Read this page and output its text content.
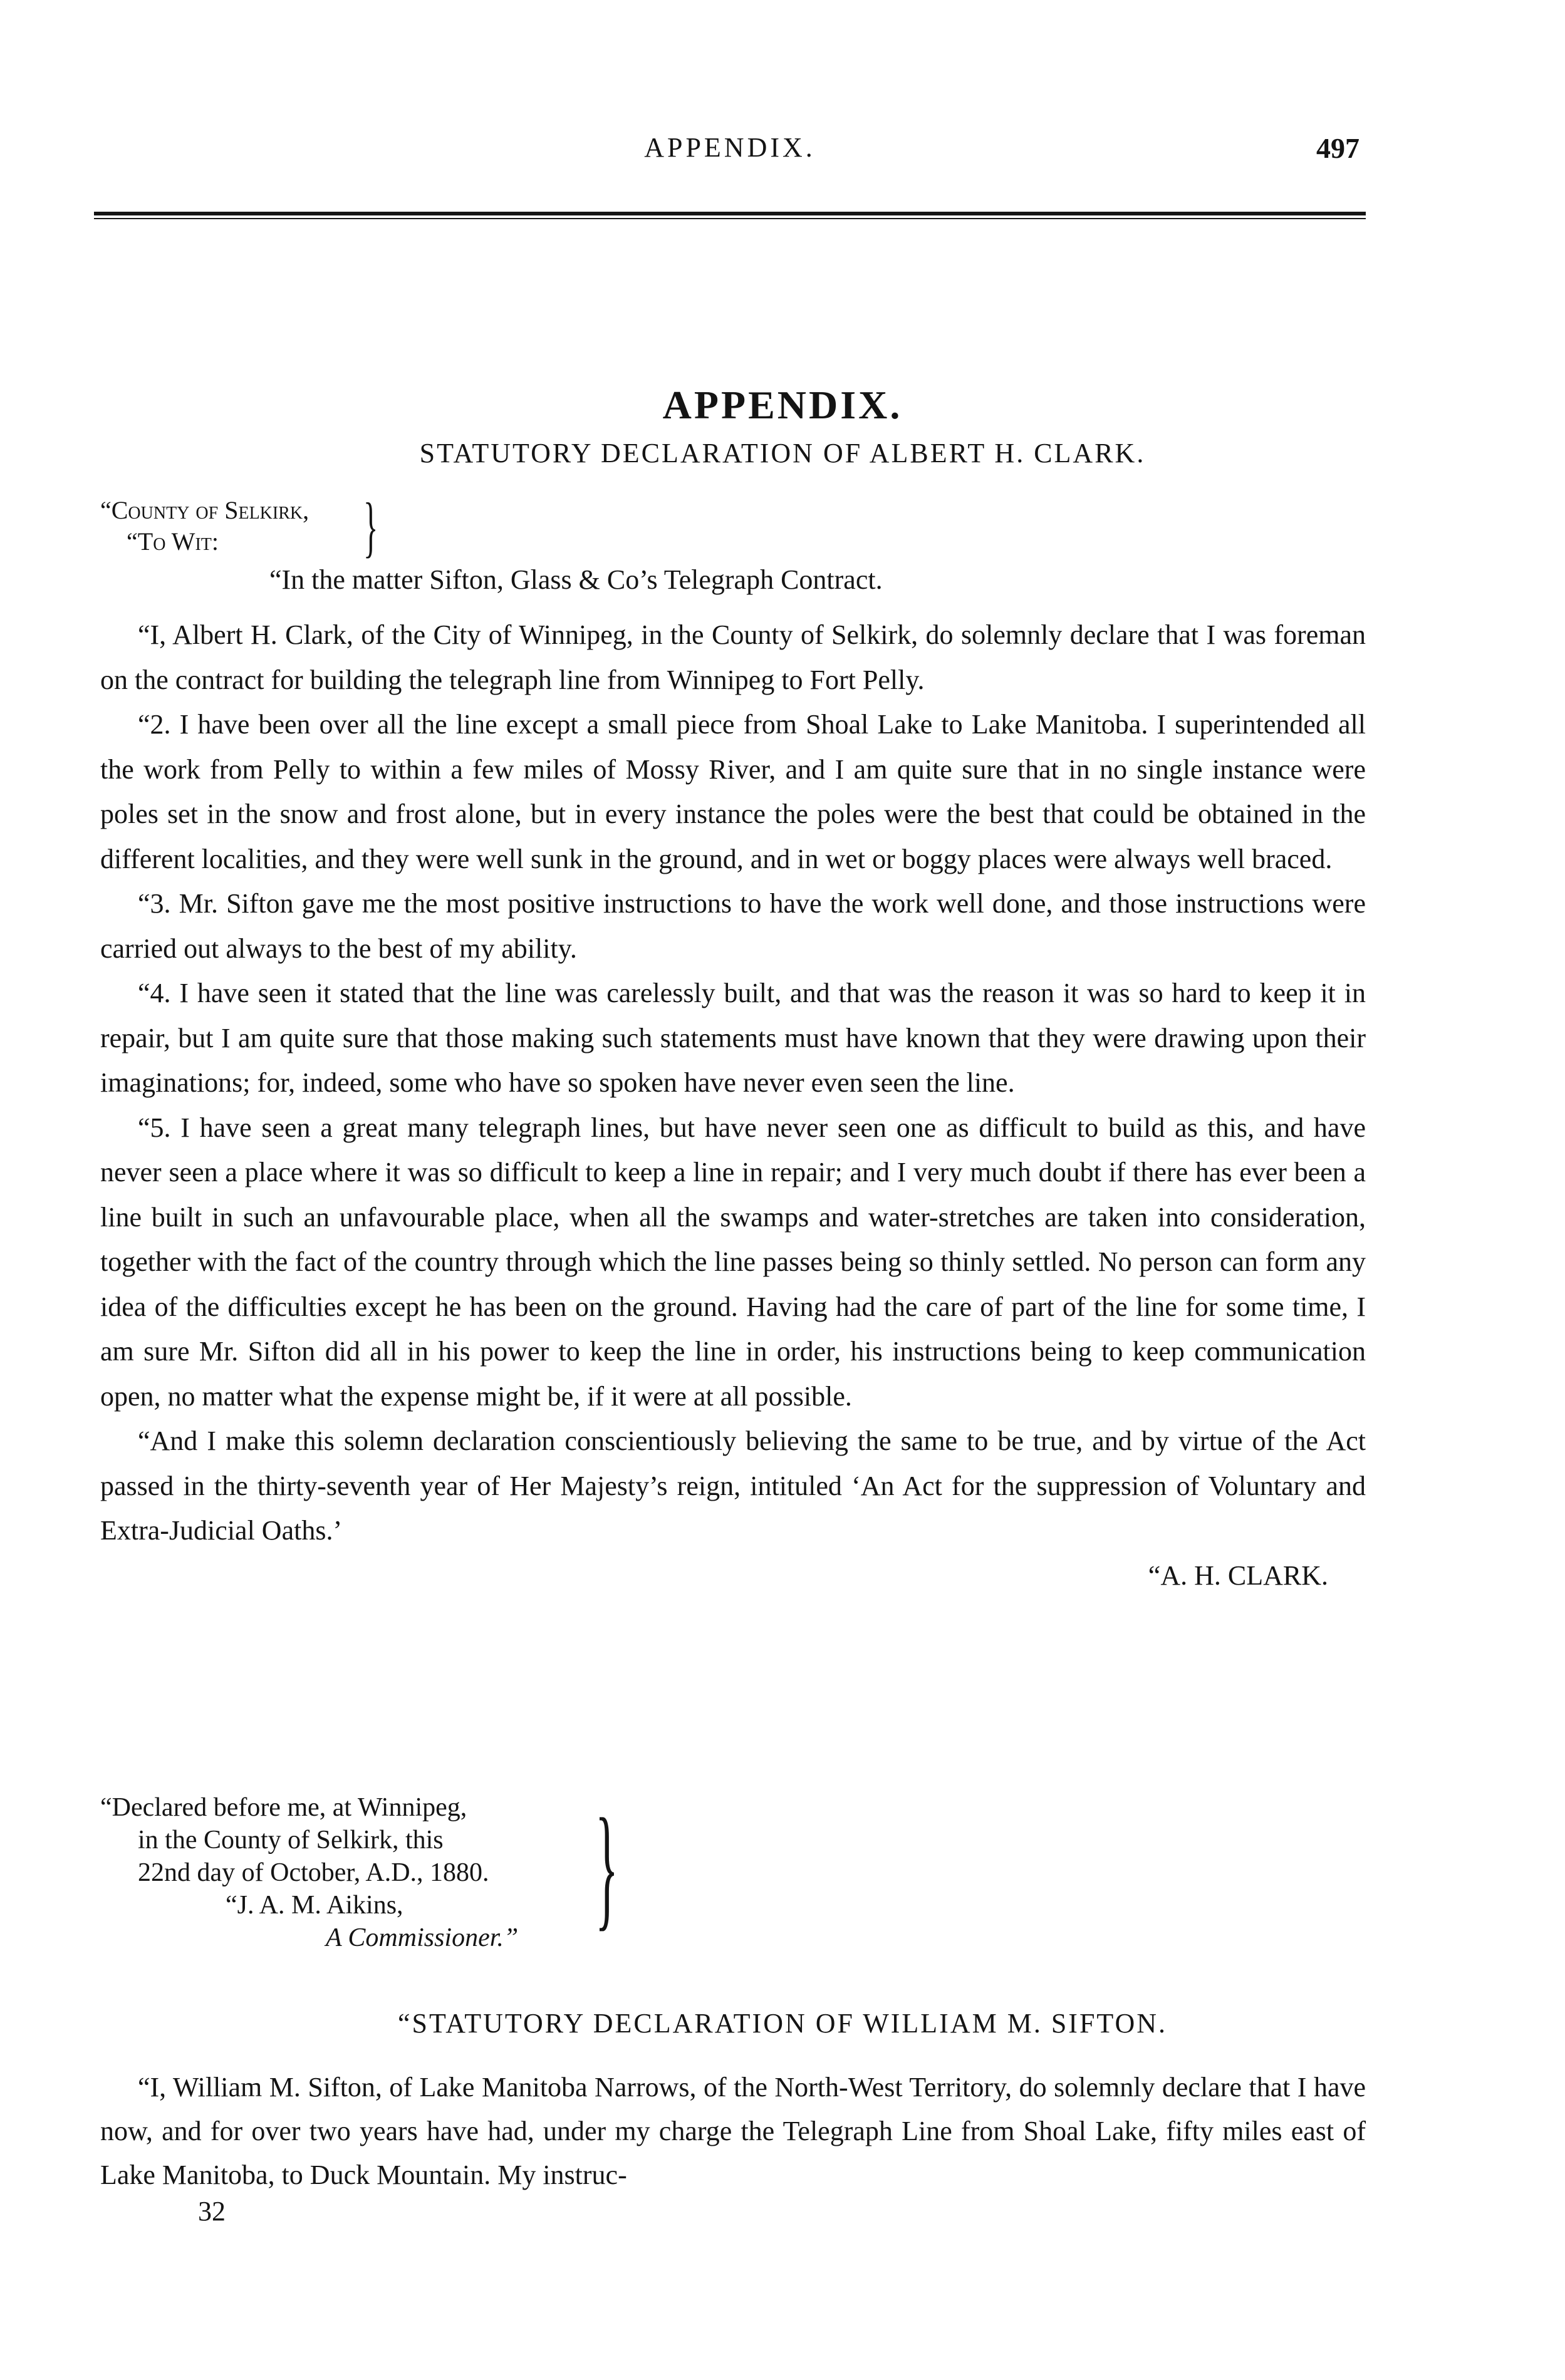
APPENDIX.	497
APPENDIX.
STATUTORY DECLARATION OF ALBERT H. CLARK.
“County of Selkirk,
“To Wit:	}
“In the matter Sifton, Glass & Co’s Telegraph Contract.

“I, Albert H. Clark, of the City of Winnipeg, in the County of Selkirk, do solemnly declare that I was foreman on the contract for building the telegraph line from Winnipeg to Fort Pelly.

“2. I have been over all the line except a small piece from Shoal Lake to Lake Manitoba. I superintended all the work from Pelly to within a few miles of Mossy River, and I am quite sure that in no single instance were poles set in the snow and frost alone, but in every instance the poles were the best that could be obtained in the different localities, and they were well sunk in the ground, and in wet or boggy places were always well braced.

“3. Mr. Sifton gave me the most positive instructions to have the work well done, and those instructions were carried out always to the best of my ability.

“4. I have seen it stated that the line was carelessly built, and that was the reason it was so hard to keep it in repair, but I am quite sure that those making such statements must have known that they were drawing upon their imaginations; for, indeed, some who have so spoken have never even seen the line.

“5. I have seen a great many telegraph lines, but have never seen one as difficult to build as this, and have never seen a place where it was so difficult to keep a line in repair; and I very much doubt if there has ever been a line built in such an unfavourable place, when all the swamps and water-stretches are taken into consideration, together with the fact of the country through which the line passes being so thinly settled. No person can form any idea of the difficulties except he has been on the ground. Having had the care of part of the line for some time, I am sure Mr. Sifton did all in his power to keep the line in order, his instructions being to keep communication open, no matter what the expense might be, if it were at all possible.

“And I make this solemn declaration conscientiously believing the same to be true, and by virtue of the Act passed in the thirty-seventh year of Her Majesty’s reign, intituled ‘An Act for the suppression of Voluntary and Extra-Judicial Oaths.’

“A. H. CLARK.
“Declared before me, at Winnipeg,
in the County of Selkirk, this
22nd day of October, A.D., 1880.
“J. A. M. Aikins,
A Commissioner.” }
“STATUTORY DECLARATION OF WILLIAM M. SIFTON.

“I, William M. Sifton, of Lake Manitoba Narrows, of the North-West Territory, do solemnly declare that I have now, and for over two years have had, under my charge the Telegraph Line from Shoal Lake, fifty miles east of Lake Manitoba, to Duck Mountain. My instruc-

32
